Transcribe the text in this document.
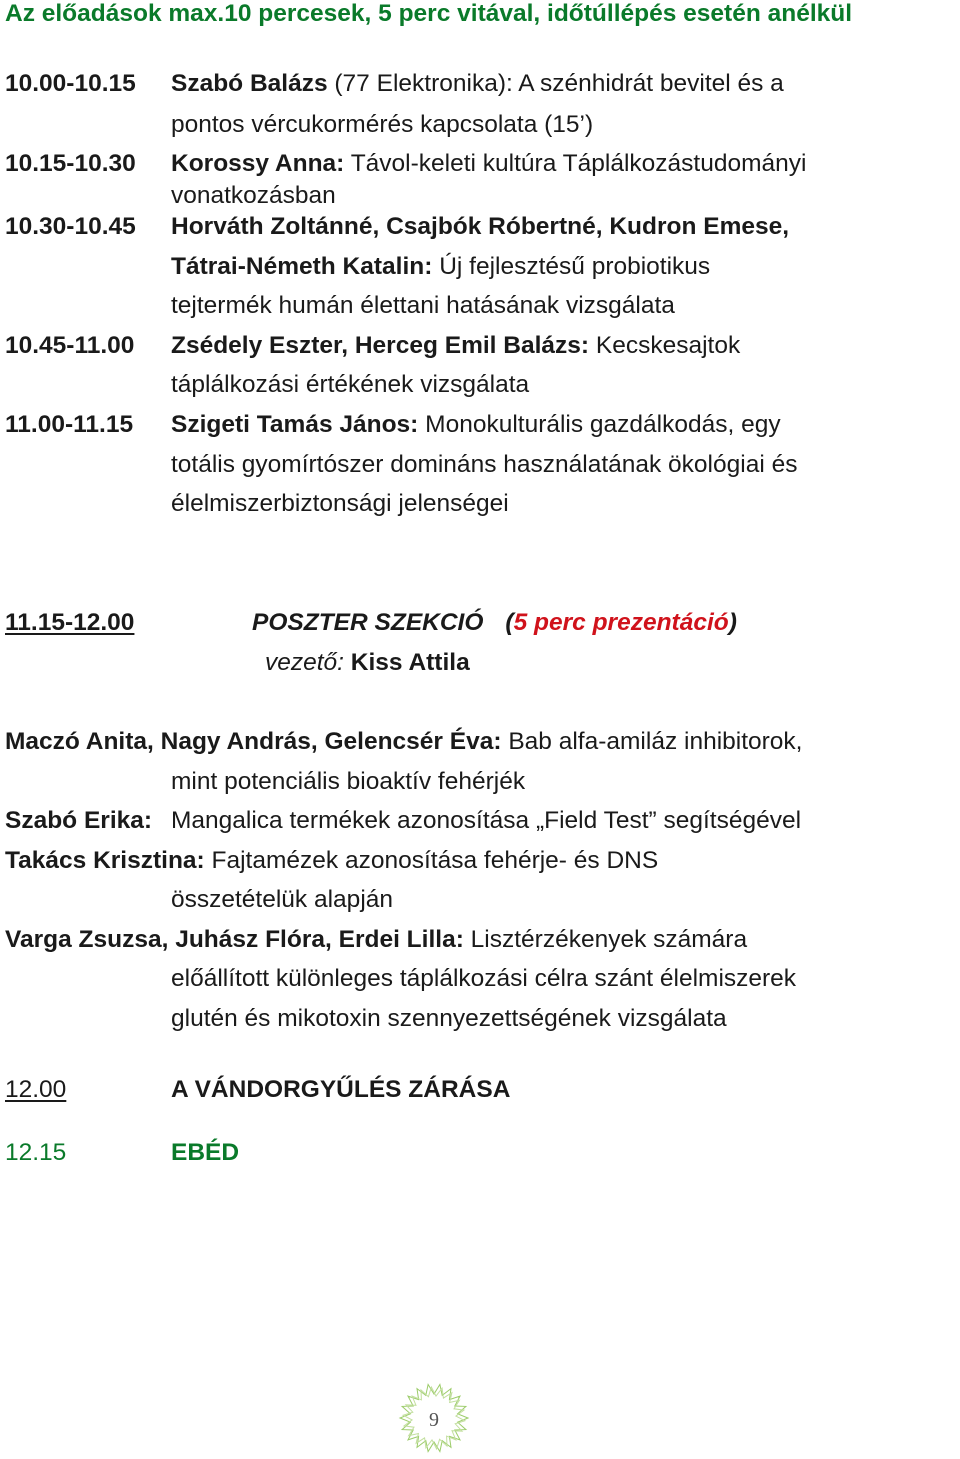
Az előadások max.10 percesek, 5 perc vitával, időtúllépés esetén anélkül
10.00-10.15 Szabó Balázs (77 Elektronika): A szénhidrát bevitel és a
pontos vércukormérés kapcsolata (15’)
10.15-10.30 Korossy Anna: Távol-keleti kultúra Táplálkozástudományi
vonatkozásban
10.30-10.45 Horváth Zoltánné, Csajbók Róbertné, Kudron Emese,
Tátrai-Németh Katalin: Új fejlesztésű probiotikus
tejtermék humán élettani hatásának vizsgálata
10.45-11.00 Zsédely Eszter, Herceg Emil Balázs: Kecskesajtok
táplálkozási értékének vizsgálata
11.00-11.15 Szigeti Tamás János: Monokulturális gazdálkodás, egy
totális gyomírtószer domináns használatának ökológiai és
élelmiszerbiztonsági jelenségei
11.15-12.00	POSZTER SZEKCIÓ (5 perc prezentáció)
vezető: Kiss Attila
Maczó Anita, Nagy András, Gelencsér Éva: Bab alfa-amiláz inhibitorok,
mint potenciális bioaktív fehérjék
Szabó Erika: Mangalica termékek azonosítása „Field Test” segítségével
Takács Krisztina: Fajtamézek azonosítása fehérje- és DNS
összetételük alapján
Varga Zsuzsa, Juhász Flóra, Erdei Lilla: Lisztérzékenyek számára
előállított különleges táplálkozási célra szánt élelmiszerek
glutén és mikotoxin szennyezettségének vizsgálata
12.00	A VÁNDORGYŰLÉS ZÁRÁSA
12.15	EBÉD
9
